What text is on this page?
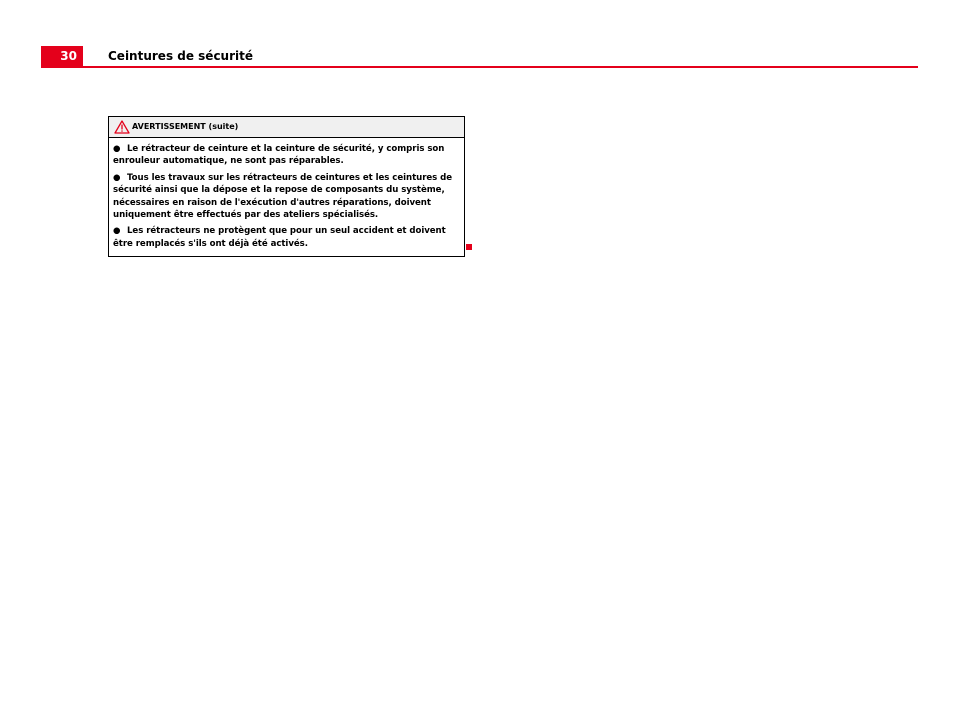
30	Ceintures de sécurité
AVERTISSEMENT (suite)

● Le rétracteur de ceinture et la ceinture de sécurité, y compris son enrouleur automatique, ne sont pas réparables.

● Tous les travaux sur les rétracteurs de ceintures et les ceintures de sécurité ainsi que la dépose et la repose de composants du système, nécessaires en raison de l'exécution d'autres réparations, doivent uniquement être effectués par des ateliers spécialisés.

● Les rétracteurs ne protègent que pour un seul accident et doivent être remplacés s'ils ont déjà été activés.
